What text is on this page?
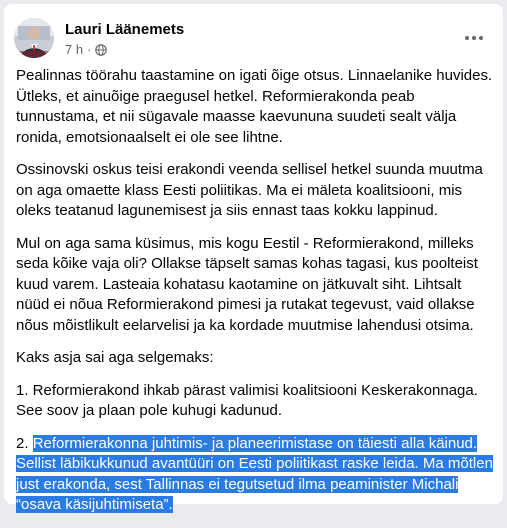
Lauri Läänemets
7 h ·

Pealinnas töörahu taastamine on igati õige otsus. Linnaelanike huvides. Ütleks, et ainuõige praegusel hetkel. Reformierakonda peab tunnustama, et nii sügavale maasse kaevununa suudeti sealt välja ronida, emotsionaalselt ei ole see lihtne.

Ossinovski oskus teisi erakondi veenda sellisel hetkel suunda muutma on aga omaette klass Eesti poliitikas. Ma ei mäleta koalitsiooni, mis oleks teatanud lagunemisest ja siis ennast taas kokku lappinud.

Mul on aga sama küsimus, mis kogu Eestil - Reformierakond, milleks seda kõike vaja oli? Ollakse täpselt samas kohas tagasi, kus poolteist kuud varem. Lasteaia kohatasu kaotamine on jätkuvalt siht. Lihtsalt nüüd ei nõua Reformierakond pimesi ja rutakat tegevust, vaid ollakse nõus mõistlikult eelarvelisi ja ka kordade muutmise lahendusi otsima.

Kaks asja sai aga selgemaks:

1. Reformierakond ihkab pärast valimisi koalitsiooni Keskerakonnaga. See soov ja plaan pole kuhugi kadunud.

2. Reformierakonna juhtimis- ja planeerimistase on täiesti alla käinud. Sellist läbikukkunud avantüüri on Eesti poliitikast raske leida. Ma mõtlen just erakonda, sest Tallinnas ei tegutsetud ilma peaminister Michali “osava käsijuhtimiseta”.
